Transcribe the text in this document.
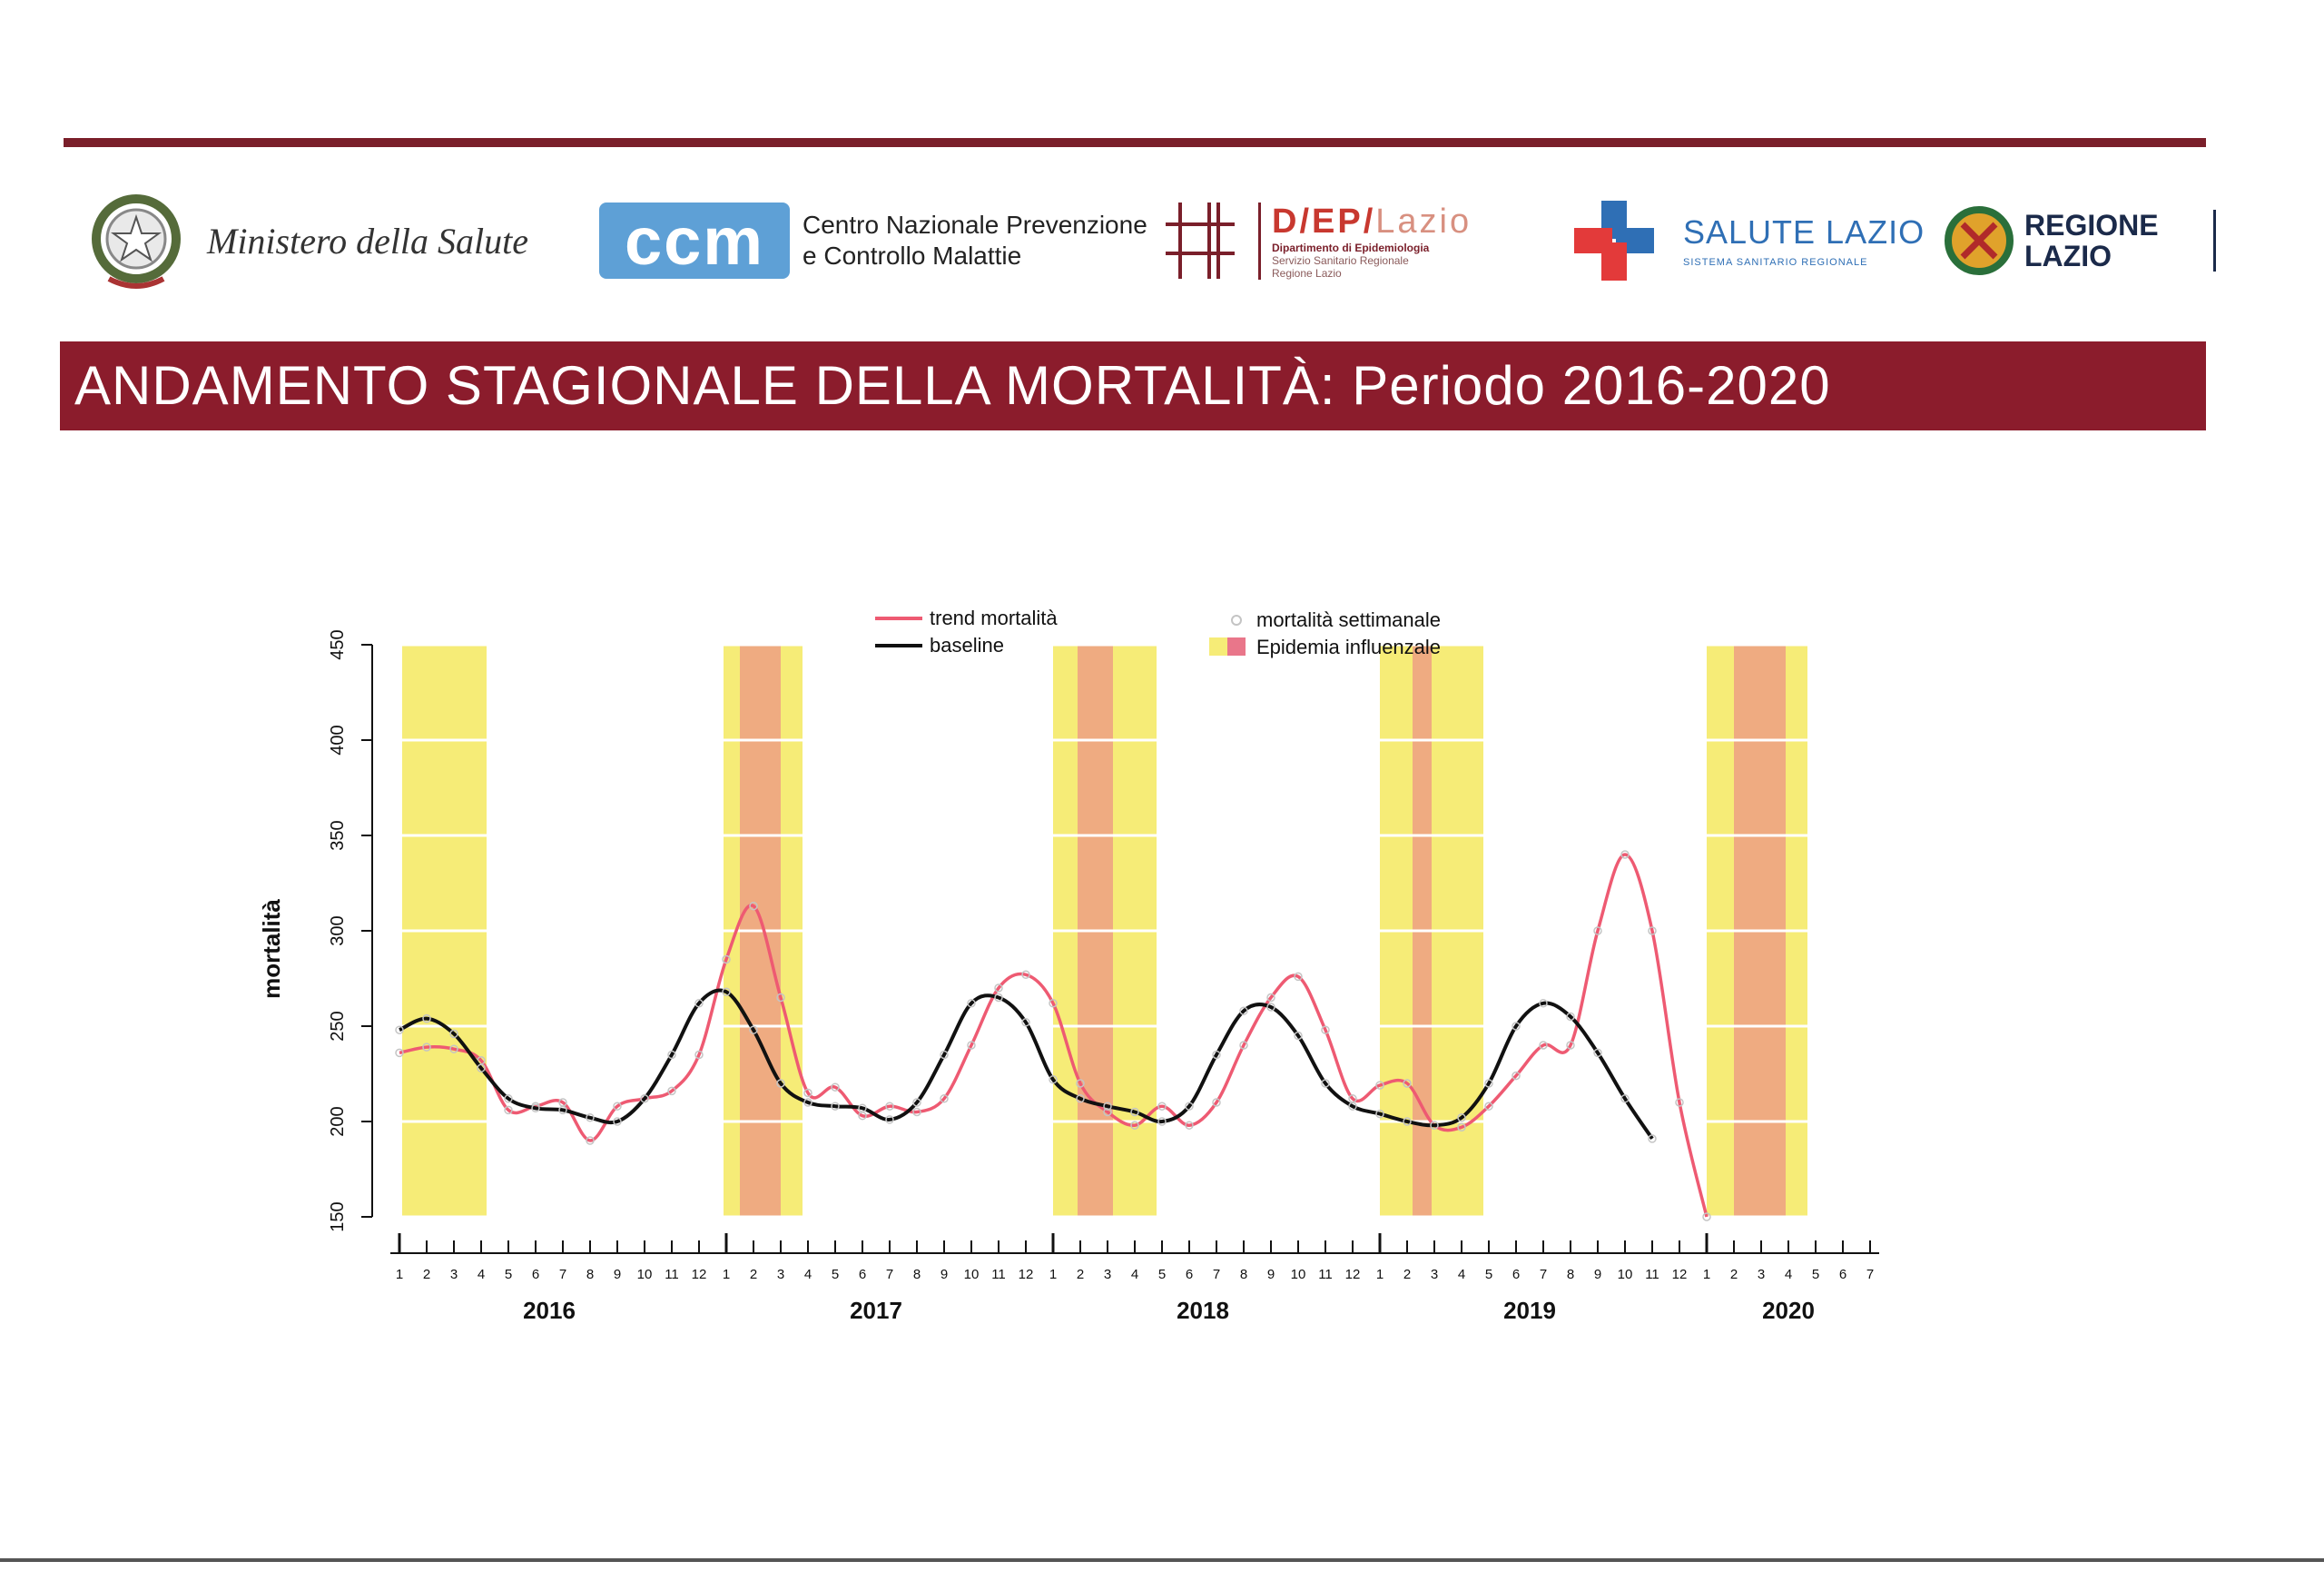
Ministero della Salute	ccm	Centro Nazionale Prevenzione
e Controllo Malattie
D/EP/Lazio
Dipartimento di Epidemiologia
Servizio Sanitario Regionale
Regione Lazio
SALUTE LAZIO
SISTEMA SANITARIO REGIONALE
REGIONE
LAZIO
ANDAMENTO STAGIONALE DELLA MORTALITÀ: Periodo 2016-2020
150
200
250
300
350
400
450
1 2 3 4 5 6 7 8 9 10 11 12 1 2 3 4 5 6 7 8 9 10 11 12 1 2 3 4 5 6 7 8 9 10 11 12 1 2 3 4 5 6 7 8 9 10 11 12 1 2 3 4 5 6 7
2016	2017	2018	2019	2020
mortalità
trend mortalità
baseline
mortalità settimanale
Epidemia influenzale
